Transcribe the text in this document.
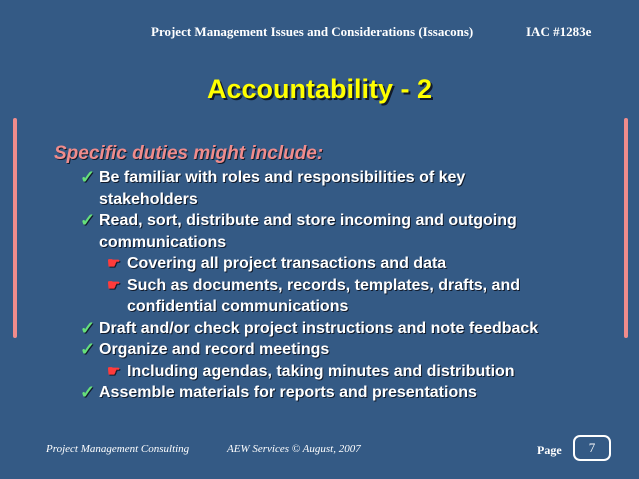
Project Management Issues and Considerations (Issacons)	IAC #1283e
Accountability - 2
Specific duties might include:
✓ Be familiar with roles and responsibilities of key stakeholders
✓ Read, sort, distribute and store incoming and outgoing communications
☛ Covering all project transactions and data
☛ Such as documents, records, templates, drafts, and confidential communications
✓ Draft and/or check project instructions and note feedback
✓ Organize and record meetings
☛ Including agendas, taking minutes and distribution
✓ Assemble materials for reports and presentations
Project Management Consulting	AEW Services © August, 2007	Page	7
